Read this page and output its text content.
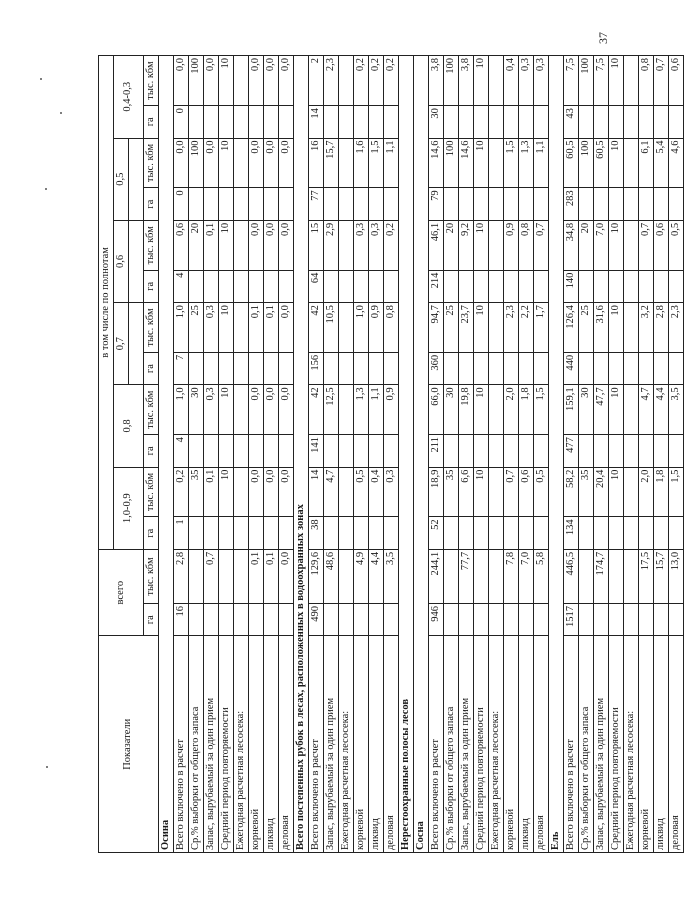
37
Показатели	всего		в том числе по полнотам											
			1,0-0,9		0,8		0,7		0,6		0,5		0,4-0,3	

	га	тыс. кбм	га	тыс. кбм	га	тыс. кбм	га	тыс. кбм	га	тыс. кбм	га	тыс. кбм	га	тыс. кбм
Осина														
Всего включено в расчет	16	2,8	1	0,2	4	1,0	7	1,0	4	0,6	0	0,0	0	0,0
Ср.% выборки от общего запаса				35		30		25		20		100		100
Запас, вырубаемый за один прием		0,7		0,1		0,3		0,3		0,1		0,0		0,0
Средний период повторяемости				10		10		10		10		10		10
Ежегодная расчетная лесосека:														
корневой		0,1		0,0		0,0		0,1		0,0		0,0		0,0
ликвид		0,1		0,0		0,0		0,1		0,0		0,0		0,0
деловая		0,0		0,0		0,0		0,0		0,0		0,0		0,0
Всего постепенных рубок в лесах, расположенных в водоохранных зонах														
Всего включено в расчет	490	129,6	38	14	141	42	156	42	64	15	77	16	14	2
Запас, вырубаемый за один прием		48,6		4,7		12,5		10,5		2,9		15,7		2,3
Ежегодная расчетная лесосека:														
корневой		4,9		0,5		1,3		1,0		0,3		1,6		0,2
ликвид		4,4		0,4		1,1		0,9		0,3		1,5		0,2
деловая		3,5		0,3		0,9		0,8		0,2		1,1		0,2
Нерестоохранные полосы лесов														
Сосна														
Всего включено в расчет	946	244,1	52	18,9	211	66,0	360	94,7	214	46,1	79	14,6	30	3,8
Ср.% выборки от общего запаса				35		30		25		20		100		100
Запас, вырубаемый за один прием		77,7		6,6		19,8		23,7		9,2		14,6		3,8
Средний период повторяемости				10		10		10		10		10		10
Ежегодная расчетная лесосека:														
корневой		7,8		0,7		2,0		2,3		0,9		1,5		0,4
ликвид		7,0		0,6		1,8		2,2		0,8		1,3		0,3
деловая		5,8		0,5		1,5		1,7		0,7		1,1		0,3
Ель														
Всего включено в расчет	1517	446,5	134	58,2	477	159,1	440	126,4	140	34,8	283	60,5	43	7,5
Ср.% выборки от общего запаса				35		30		25		20		100		100
Запас, вырубаемый за один прием		174,7		20,4		47,7		31,6		7,0		60,5		7,5
Средний период повторяемости				10		10		10		10		10		10
Ежегодная расчетная лесосека:														
корневой		17,5		2,0		4,7		3,2		0,7		6,1		0,8
ликвид		15,7		1,8		4,4		2,8		0,6		5,4		0,7
деловая		13,0		1,5		3,5		2,3		0,5		4,6		0,6
